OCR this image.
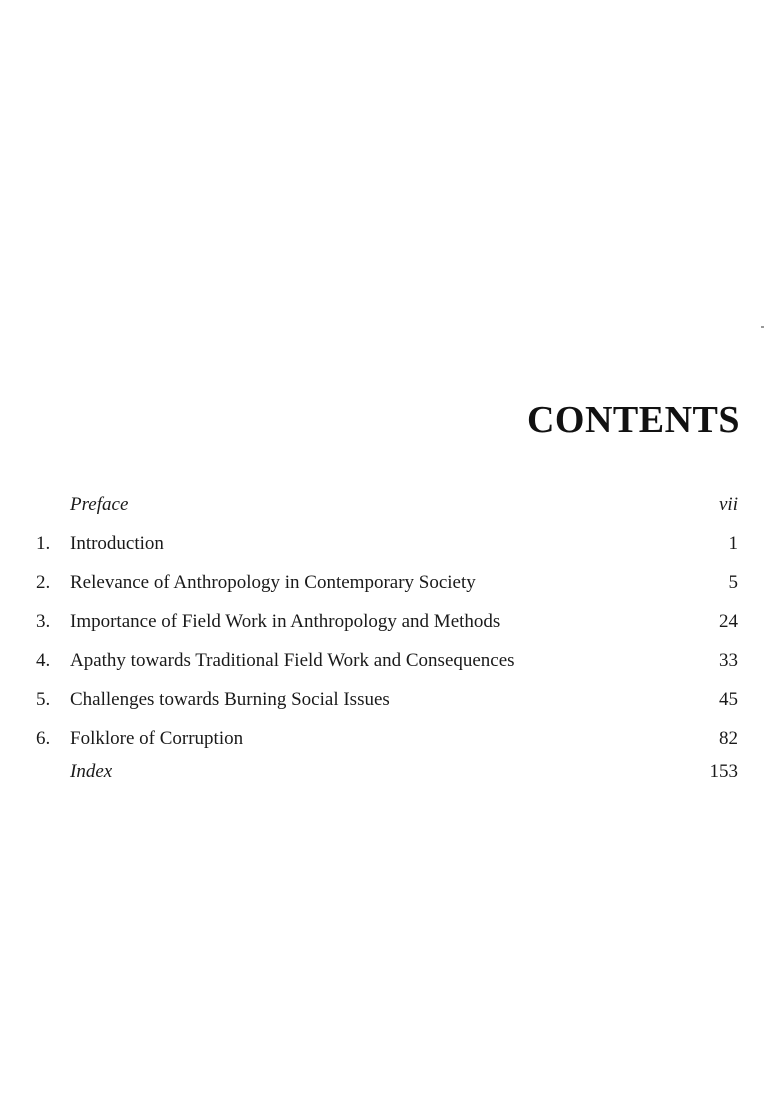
CONTENTS
Preface	vii
1.	Introduction	1
2.	Relevance of Anthropology in Contemporary Society	5
3.	Importance of Field Work in Anthropology and Methods	24
4.	Apathy towards Traditional Field Work and Consequences	33
5.	Challenges towards Burning Social Issues	45
6.	Folklore of Corruption	82
Index	153
